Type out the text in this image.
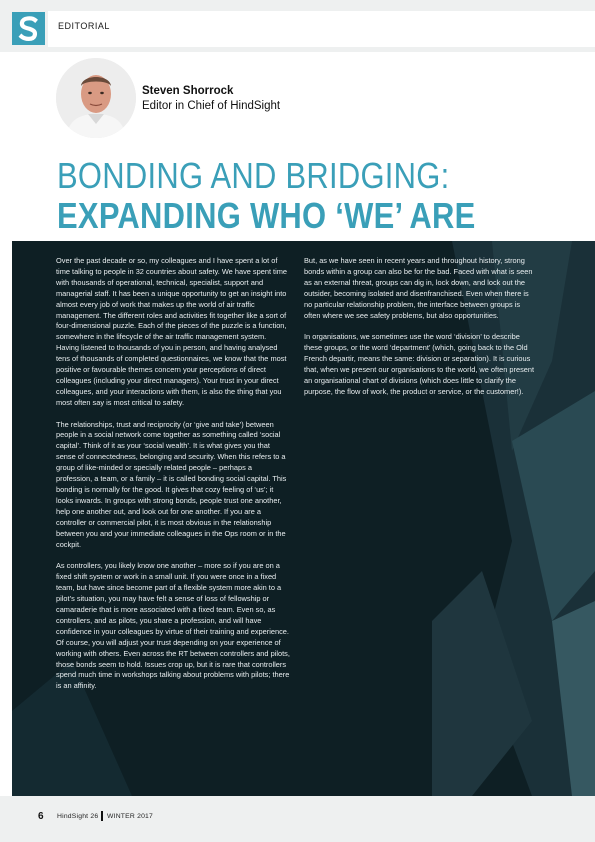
EDITORIAL
Steven Shorrock
Editor in Chief of HindSight
BONDING AND BRIDGING:
EXPANDING WHO ‘WE’ ARE

Over the past decade or so, my colleagues and I have spent a lot of time talking to people in 32 countries about safety. We have spent time with thousands of operational, technical, specialist, support and managerial staff. It has been a unique opportunity to get an insight into almost every job of work that makes up the world of air traffic management. The different roles and activities fit together like a sort of four-dimensional puzzle. Each of the pieces of the puzzle is a function, somewhere in the lifecycle of the air traffic management system. Having listened to thousands of you in person, and having analysed tens of thousands of completed questionnaires, we know that the most positive or favourable themes concern your perceptions of direct colleagues (including your direct managers). Your trust in your direct colleagues, and your interactions with them, is also the thing that you most often say is most critical to safety.

The relationships, trust and reciprocity (or ‘give and take’) between people in a social network come together as something called ‘social capital’. Think of it as your ‘social wealth’. It is what gives you that sense of connectedness, belonging and security. When this refers to a group of like-minded or specially related people – perhaps a profession, a team, or a family – it is called bonding social capital. This bonding is normally for the good. It gives that cozy feeling of ‘us’; it looks inwards. In groups with strong bonds, people trust one another, help one another out, and look out for one another. If you are a controller or commercial pilot, it is most obvious in the relationship between you and your immediate colleagues in the Ops room or in the cockpit.

As controllers, you likely know one another – more so if you are on a fixed shift system or work in a small unit. If you were once in a fixed team, but have since become part of a flexible system more akin to a pilot’s situation, you may have felt a sense of loss of fellowship or camaraderie that is more associated with a fixed team. Even so, as controllers, and as pilots, you share a profession, and will have confidence in your colleagues by virtue of their training and experience. Of course, you will adjust your trust depending on your experience of working with others. Even across the RT between controllers and pilots, those bonds seem to hold. Issues crop up, but it is rare that controllers spend much time in workshops talking about problems with pilots; there is an affinity.

But, as we have seen in recent years and throughout history, strong bonds within a group can also be for the bad. Faced with what is seen as an external threat, groups can dig in, lock down, and lock out the outsider, becoming isolated and disenfranchised. Even when there is no particular relationship problem, the interface between groups is often where we see safety problems, but also opportunities.

In organisations, we sometimes use the word ‘division’ to describe these groups, or the word ‘department’ (which, going back to the Old French departir, means the same: division or separation). It is curious that, when we present our organisations to the world, we often present an organisational chart of divisions (which does little to clarify the purpose, the flow of work, the product or service, or the customer!).

6 HindSight 26 WINTER 2017
